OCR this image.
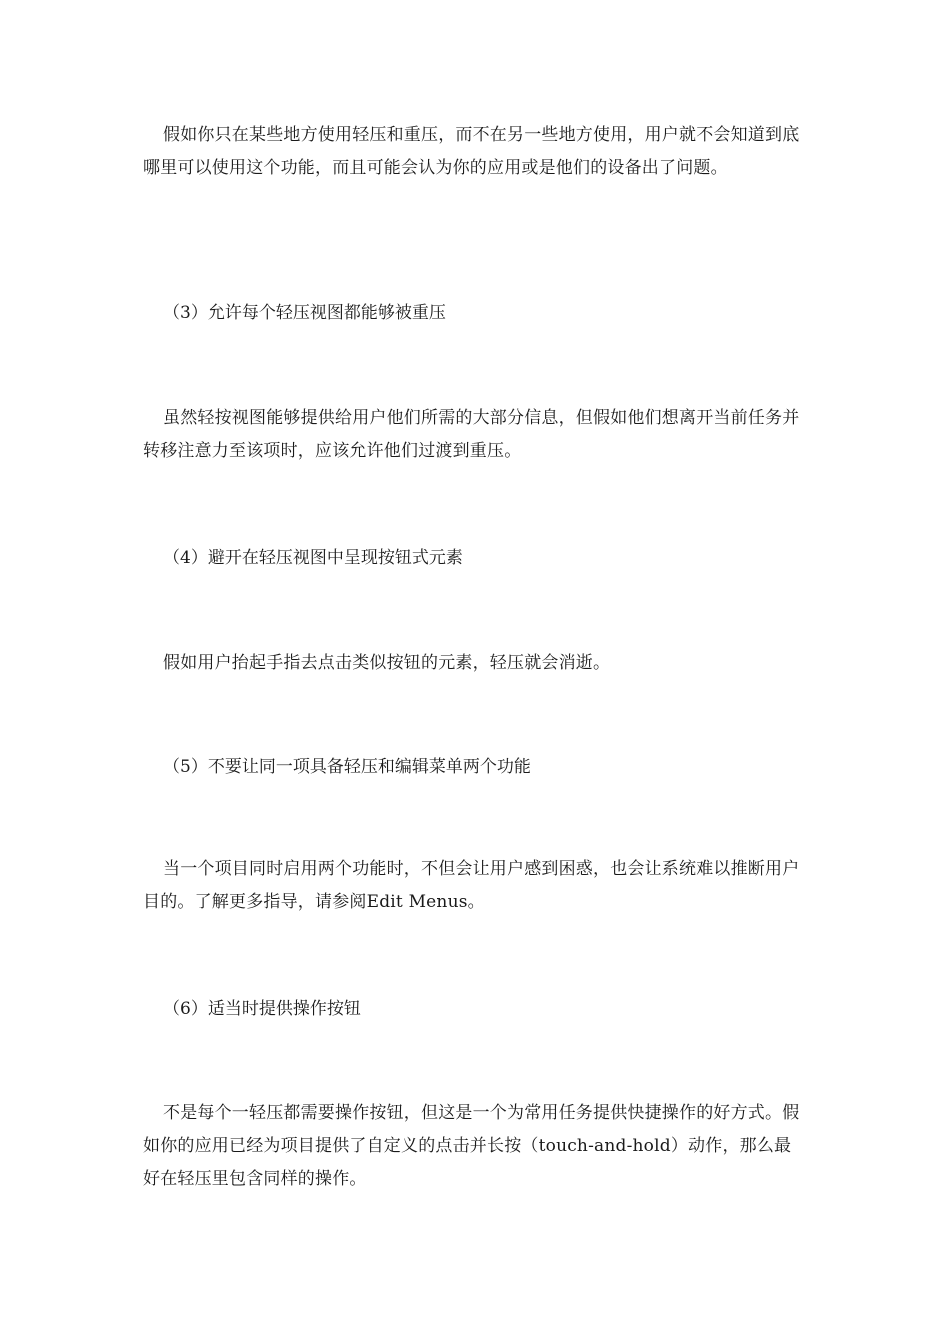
假如你只在某些地方使用轻压和重压，而不在另一些地方使用，用户就不会知道到底哪里可以使用这个功能，而且可能会认为你的应用或是他们的设备出了问题。

（3）允许每个轻压视图都能够被重压

虽然轻按视图能够提供给用户他们所需的大部分信息，但假如他们想离开当前任务并转移注意力至该项时，应该允许他们过渡到重压。

（4）避开在轻压视图中呈现按钮式元素

假如用户抬起手指去点击类似按钮的元素，轻压就会消逝。

（5）不要让同一项具备轻压和编辑菜单两个功能

当一个项目同时启用两个功能时，不但会让用户感到困惑，也会让系统难以推断用户目的。了解更多指导，请参阅Edit Menus。

（6）适当时提供操作按钮

不是每个一轻压都需要操作按钮，但这是一个为常用任务提供快捷操作的好方式。假如你的应用已经为项目提供了自定义的点击并长按（touch-and-hold）动作，那么最好在轻压里包含同样的操作。
